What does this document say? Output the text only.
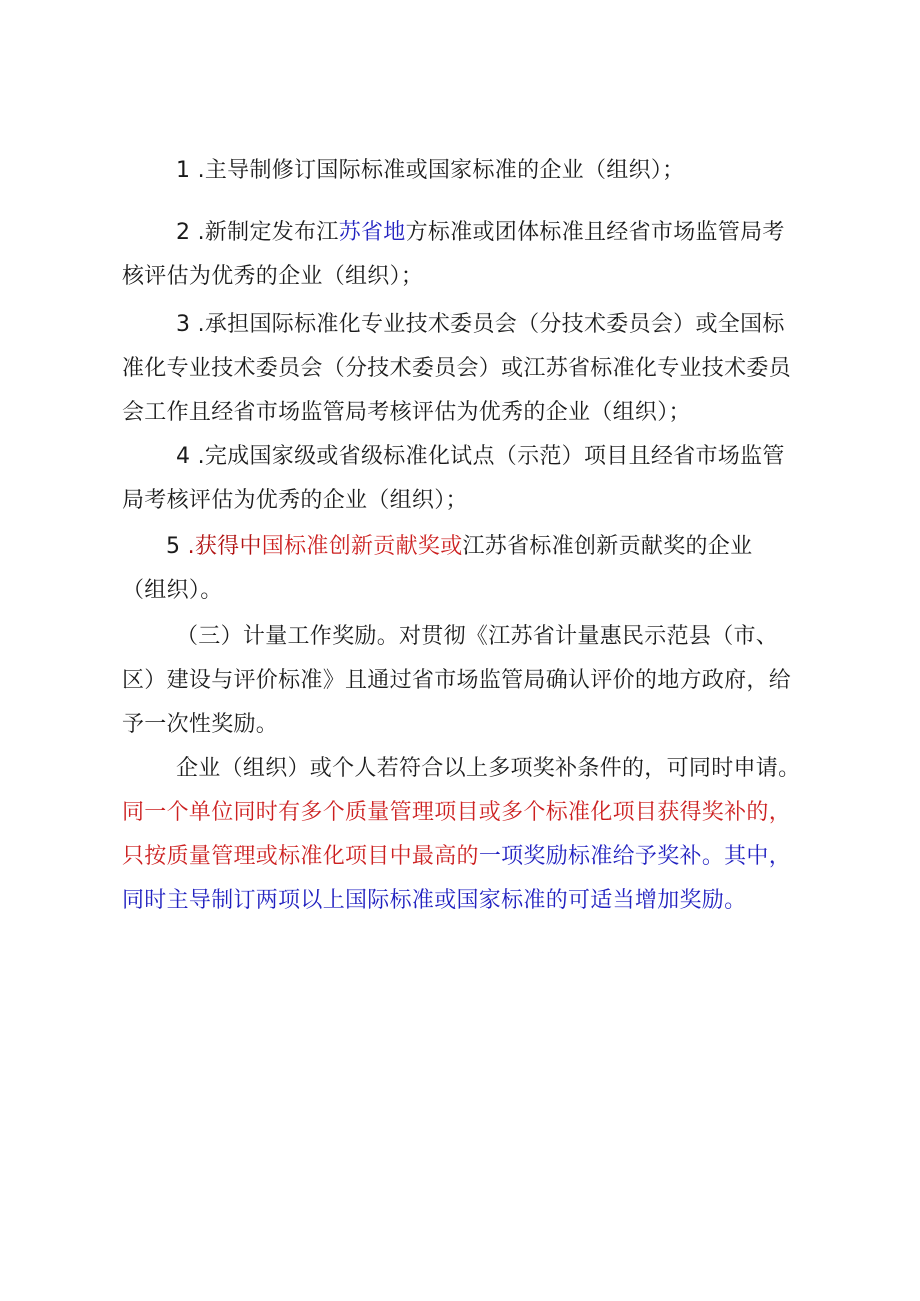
1 .主导制修订国际标准或国家标准的企业（组织）；
2 .新制定发布江苏省地方标准或团体标准且经省市场监管局考
核评估为优秀的企业（组织）；
3 .承担国际标准化专业技术委员会（分技术委员会）或全国标
准化专业技术委员会（分技术委员会）或江苏省标准化专业技术委员
会工作且经省市场监管局考核评估为优秀的企业（组织）；
4 .完成国家级或省级标准化试点（示范）项目且经省市场监管
局考核评估为优秀的企业（组织）；
5 .获得中国标准创新贡献奖或江苏省标准创新贡献奖的企业
（组织）。
（三）计量工作奖励。对贯彻《江苏省计量惠民示范县（市、
区）建设与评价标准》且通过省市场监管局确认评价的地方政府，给
予一次性奖励。
企业（组织）或个人若符合以上多项奖补条件的，可同时申请。
同一个单位同时有多个质量管理项目或多个标准化项目获得奖补的，
只按质量管理或标准化项目中最高的一项奖励标准给予奖补。其中，
同时主导制订两项以上国际标准或国家标准的可适当增加奖励。
